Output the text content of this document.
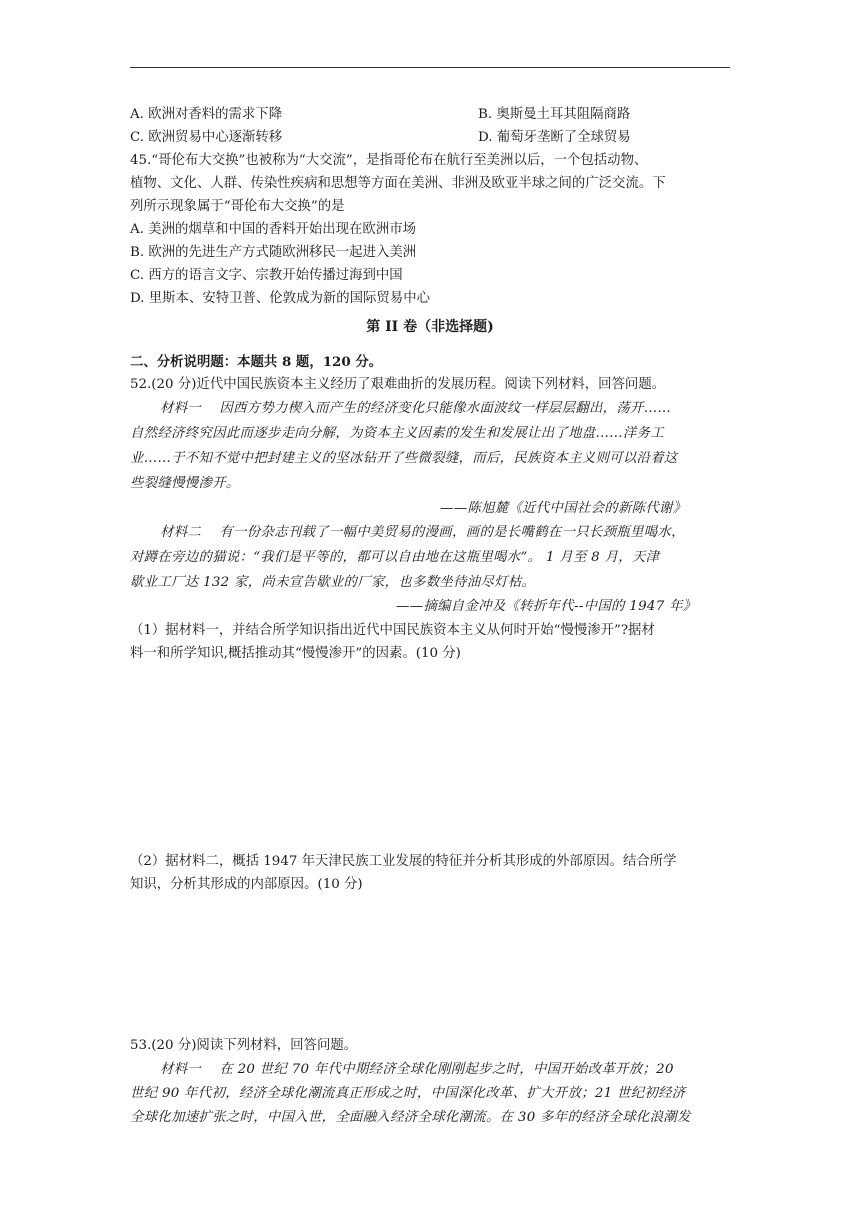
A. 欧洲对香料的需求下降	B. 奥斯曼土耳其阻隔商路
C. 欧洲贸易中心逐渐转移	D. 葡萄牙垄断了全球贸易
45.“哥伦布大交换”也被称为“大交流”，是指哥伦布在航行至美洲以后，一个包括动物、
植物、文化、人群、传染性疾病和思想等方面在美洲、非洲及欧亚半球之间的广泛交流。下
列所示现象属于“哥伦布大交换”的是
A. 美洲的烟草和中国的香料开始出现在欧洲市场
B. 欧洲的先进生产方式随欧洲移民一起进入美洲
C. 西方的语言文字、宗教开始传播过海到中国
D. 里斯本、安特卫普、伦敦成为新的国际贸易中心
第 II 卷（非选择题)
二、分析说明题：本题共 8 题，120 分。
52.(20 分)近代中国民族资本主义经历了艰难曲折的发展历程。阅读下列材料，回答问题。
材料一　 因西方势力楔入而产生的经济变化只能像水面波纹一样层层翻出，荡开……
自然经济终究因此而逐步走向分解，为资本主义因素的发生和发展让出了地盘……洋务工
业……于不知不觉中把封建主义的坚冰钻开了些微裂缝，而后，民族资本主义则可以沿着这
些裂缝慢慢渗开。
——陈旭麓《近代中国社会的新陈代谢》
材料二　 有一份杂志刊载了一幅中美贸易的漫画，画的是长嘴鹤在一只长颈瓶里喝水，
对蹲在旁边的猫说：“我们是平等的，都可以自由地在这瓶里喝水”。 1 月至 8 月，天津
歇业工厂达 132 家，尚未宣告歇业的厂家，也多数坐待油尽灯枯。
——摘编自金冲及《转折年代--中国的 1947 年》
（1）据材料一，并结合所学知识指出近代中国民族资本主义从何时开始“慢慢渗开”?据材
料一和所学知识,概括推动其“慢慢渗开”的因素。(10 分)
（2）据材料二，概括 1947 年天津民族工业发展的特征并分析其形成的外部原因。结合所学
知识，分析其形成的内部原因。(10 分)
53.(20 分)阅读下列材料，回答问题。
材料一　 在 20 世纪 70 年代中期经济全球化刚刚起步之时，中国开始改革开放；20
世纪 90 年代初，经济全球化潮流真正形成之时，中国深化改革、扩大开放；21 世纪初经济
全球化加速扩张之时，中国入世，全面融入经济全球化潮流。在 30 多年的经济全球化浪潮发
